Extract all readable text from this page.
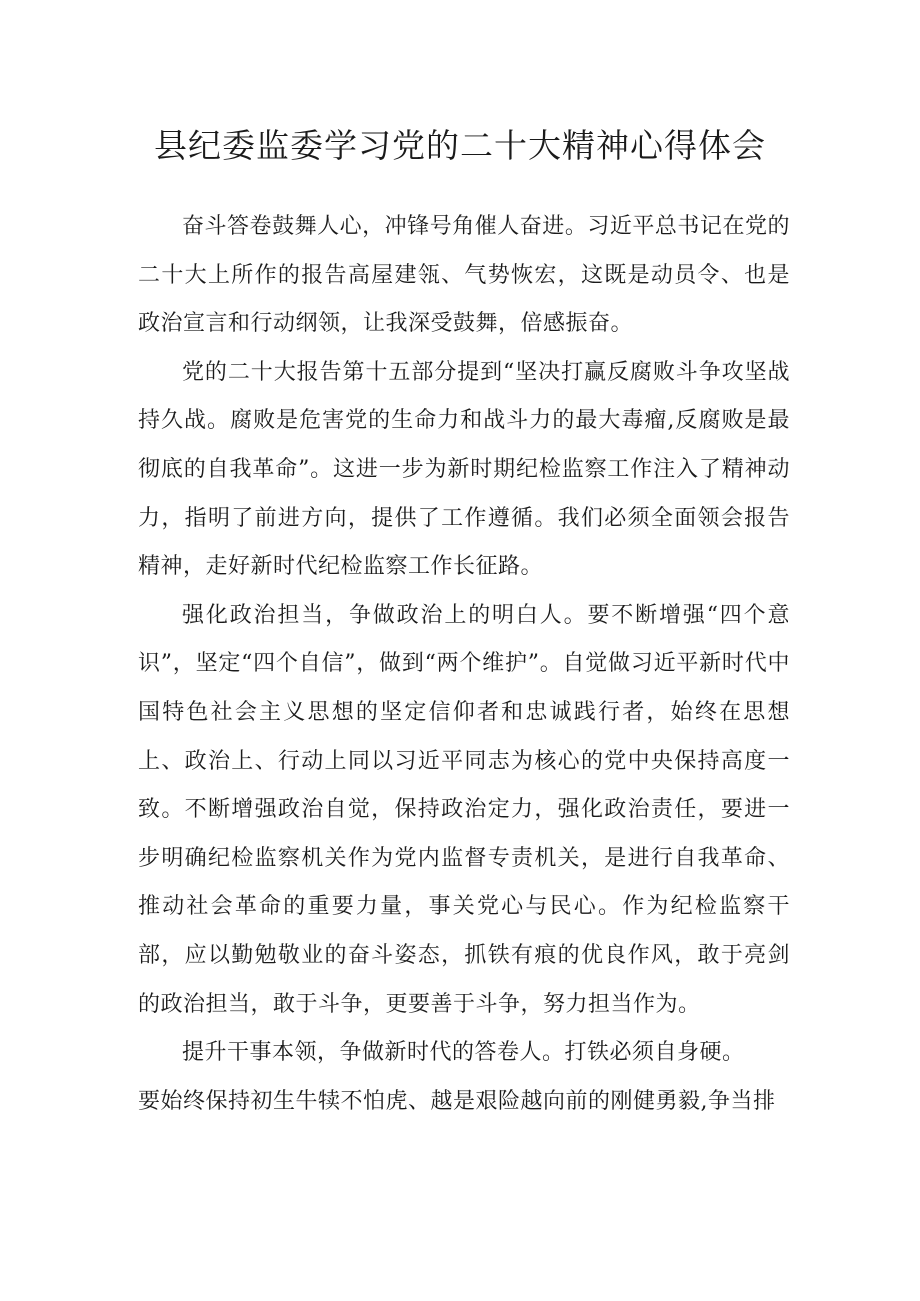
县纪委监委学习党的二十大精神心得体会

奋斗答卷鼓舞人心，冲锋号角催人奋进。习近平总书记在党的二十大上所作的报告高屋建瓴、气势恢宏，这既是动员令、也是政治宣言和行动纲领，让我深受鼓舞，倍感振奋。

党的二十大报告第十五部分提到“坚决打赢反腐败斗争攻坚战持久战。腐败是危害党的生命力和战斗力的最大毒瘤,反腐败是最彻底的自我革命”。这进一步为新时期纪检监察工作注入了精神动力，指明了前进方向，提供了工作遵循。我们必须全面领会报告精神，走好新时代纪检监察工作长征路。

强化政治担当，争做政治上的明白人。要不断增强“四个意识”，坚定“四个自信”，做到“两个维护”。自觉做习近平新时代中国特色社会主义思想的坚定信仰者和忠诚践行者，始终在思想上、政治上、行动上同以习近平同志为核心的党中央保持高度一致。不断增强政治自觉，保持政治定力，强化政治责任，要进一步明确纪检监察机关作为党内监督专责机关，是进行自我革命、推动社会革命的重要力量，事关党心与民心。作为纪检监察干部，应以勤勉敬业的奋斗姿态，抓铁有痕的优良作风，敢于亮剑的政治担当，敢于斗争，更要善于斗争，努力担当作为。

提升干事本领，争做新时代的答卷人。打铁必须自身硬。

要始终保持初生牛犊不怕虎、越是艰险越向前的刚健勇毅,争当排
